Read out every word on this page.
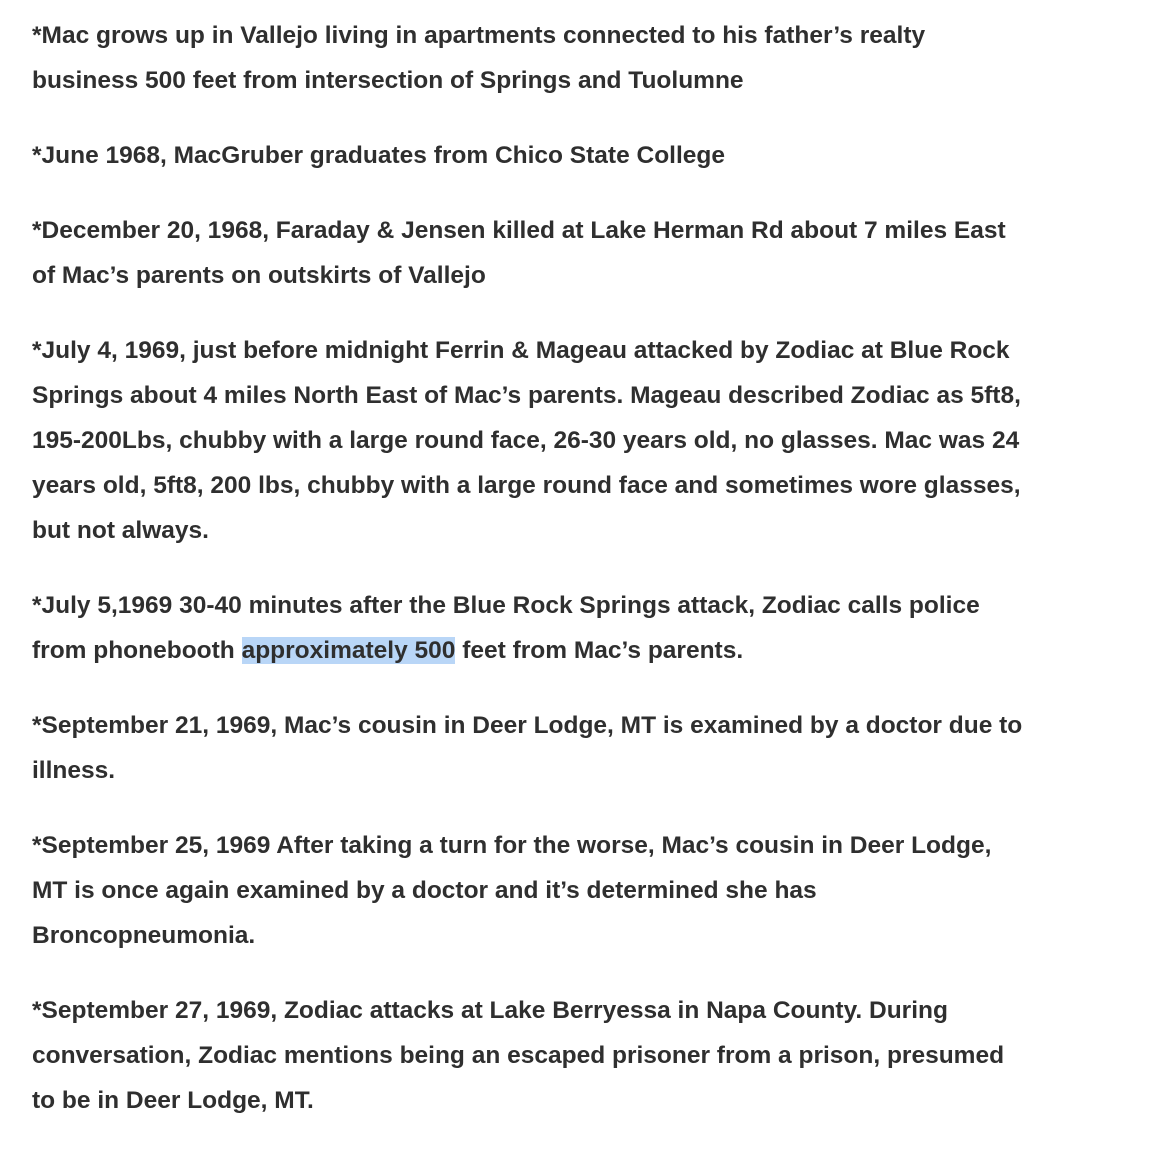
*Mac grows up in Vallejo living in apartments connected to his father’s realty business 500 feet from intersection of Springs and Tuolumne

*June 1968, MacGruber graduates from Chico State College

*December 20, 1968, Faraday & Jensen killed at Lake Herman Rd about 7 miles East of Mac’s parents on outskirts of Vallejo

*July 4, 1969, just before midnight Ferrin & Mageau attacked by Zodiac at Blue Rock Springs about 4 miles North East of Mac’s parents. Mageau described Zodiac as 5ft8, 195-200Lbs, chubby with a large round face, 26-30 years old, no glasses. Mac was 24 years old, 5ft8, 200 lbs, chubby with a large round face and sometimes wore glasses, but not always.

*July 5,1969 30-40 minutes after the Blue Rock Springs attack, Zodiac calls police from phonebooth approximately 500 feet from Mac’s parents.

*September 21, 1969, Mac’s cousin in Deer Lodge, MT is examined by a doctor due to illness.

*September 25, 1969 After taking a turn for the worse, Mac’s cousin in Deer Lodge, MT is once again examined by a doctor and it’s determined she has Broncopneumonia.

*September 27, 1969, Zodiac attacks at Lake Berryessa in Napa County. During conversation, Zodiac mentions being an escaped prisoner from a prison, presumed to be in Deer Lodge, MT.
